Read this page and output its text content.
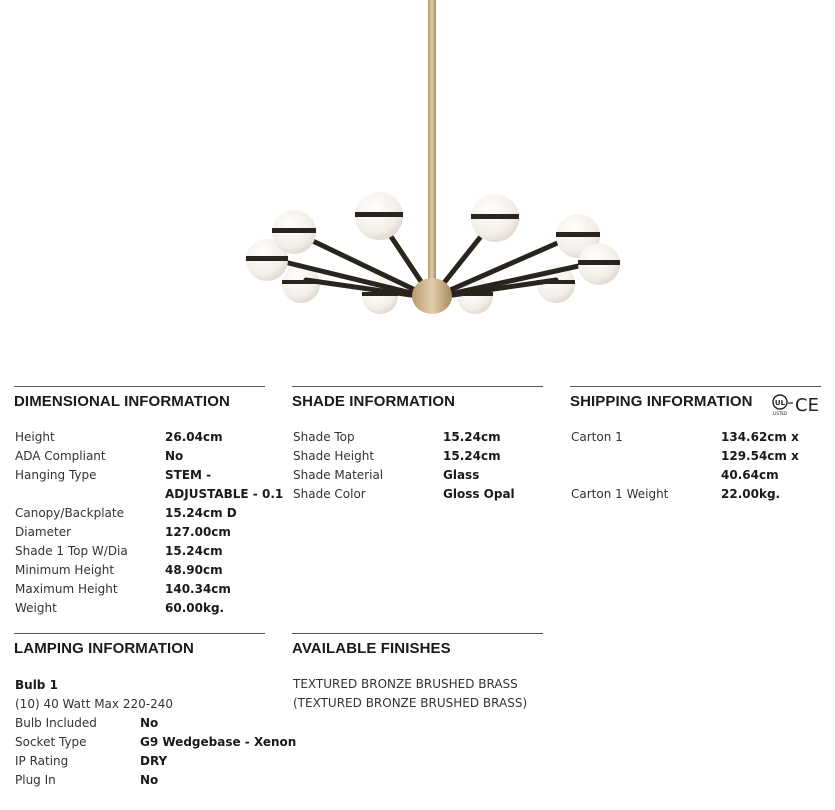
DIMENSIONAL INFORMATION
Height	26.04cm
ADA Compliant	No
Hanging Type	STEM -
ADJUSTABLE - 0.1
Canopy/Backplate	15.24cm D
Diameter	127.00cm
Shade 1 Top W/Dia	15.24cm
Minimum Height	48.90cm
Maximum Height	140.34cm
Weight	60.00kg.
SHADE INFORMATION
Shade Top	15.24cm
Shade Height	15.24cm
Shade Material	Glass
Shade Color	Gloss Opal
SHIPPING INFORMATION	UL
LISTED CE
Carton 1	134.62cm x
129.54cm x
40.64cm
Carton 1 Weight	22.00kg.
LAMPING INFORMATION
Bulb 1
(10) 40 Watt Max 220-240
Bulb Included	No
Socket Type	G9 Wedgebase - Xenon
IP Rating	DRY
Plug In	No
AVAILABLE FINISHES
TEXTURED BRONZE BRUSHED BRASS
(TEXTURED BRONZE BRUSHED BRASS)
